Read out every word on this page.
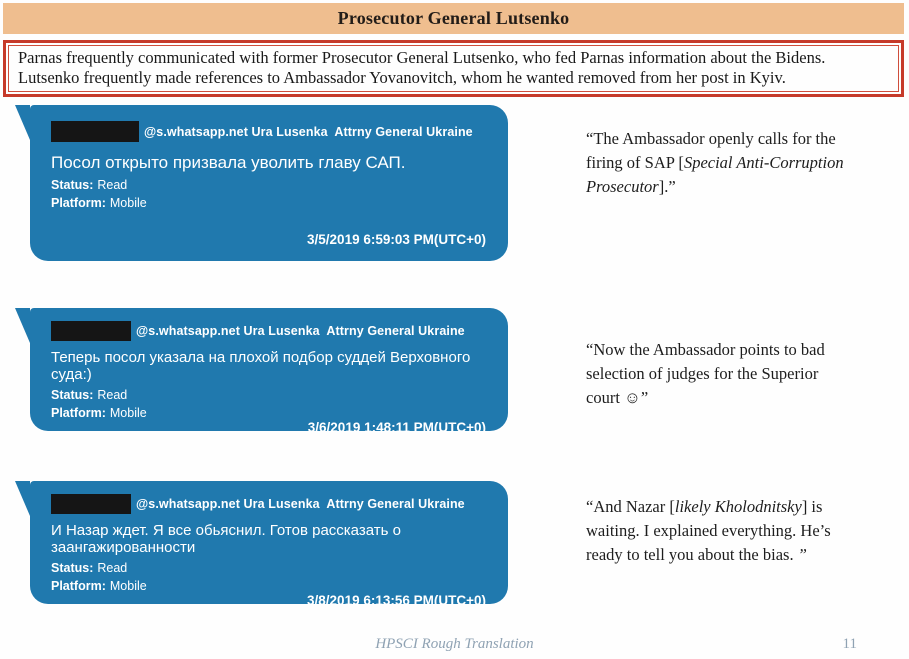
Prosecutor General Lutsenko
Parnas frequently communicated with former Prosecutor General Lutsenko, who fed Parnas information about the Bidens.
Lutsenko frequently made references to Ambassador Yovanovitch, whom he wanted removed from her post in Kyiv.
@s.whatsapp.net Ura Lusenka  Attrny General Ukraine
Посол открыто призвала уволить главу САП.
Status: Read
Platform: Mobile
3/5/2019 6:59:03 PM(UTC+0)
“The Ambassador openly calls for the firing of SAP [Special Anti-Corruption Prosecutor].”
@s.whatsapp.net Ura Lusenka  Attrny General Ukraine
Теперь посол указала на плохой подбор суддей Верховного суда:)
Status: Read
Platform: Mobile
3/6/2019 1:48:11 PM(UTC+0)
“Now the Ambassador points to bad selection of judges for the Superior court ☺”
@s.whatsapp.net Ura Lusenka  Attrny General Ukraine
И Назар ждет. Я все обьяснил. Готов рассказать о заангажированности
Status: Read
Platform: Mobile
3/8/2019 6:13:56 PM(UTC+0)
“And Nazar [likely Kholodnitsky] is waiting. I explained everything. He’s ready to tell you about the bias. ”
HPSCI Rough Translation	11
